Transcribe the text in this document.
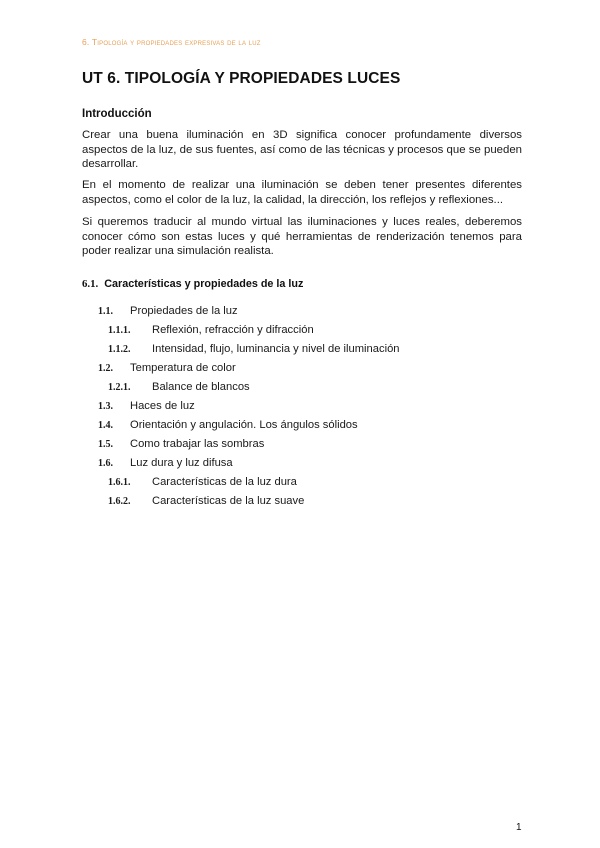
6. Tipología y propiedades expresivas de la luz
UT 6. TIPOLOGÍA Y PROPIEDADES LUCES
Introducción

Crear una buena iluminación en 3D significa conocer profundamente diversos aspectos de la luz, de sus fuentes, así como de las técnicas y procesos que se pueden desarrollar.

En el momento de realizar una iluminación se deben tener presentes diferentes aspectos, como el color de la luz, la calidad, la dirección, los reflejos y reflexiones...

Si queremos traducir al mundo virtual las iluminaciones y luces reales, deberemos conocer cómo son estas luces y qué herramientas de renderización tenemos para poder realizar una simulación realista.

6.1. Características y propiedades de la luz
1.1. Propiedades de la luz
1.1.1. Reflexión, refracción y difracción
1.1.2. Intensidad, flujo, luminancia y nivel de iluminación
1.2. Temperatura de color
1.2.1. Balance de blancos
1.3. Haces de luz
1.4. Orientación y angulación. Los ángulos sólidos
1.5. Como trabajar las sombras
1.6. Luz dura y luz difusa
1.6.1. Características de la luz dura
1.6.2. Características de la luz suave
1
